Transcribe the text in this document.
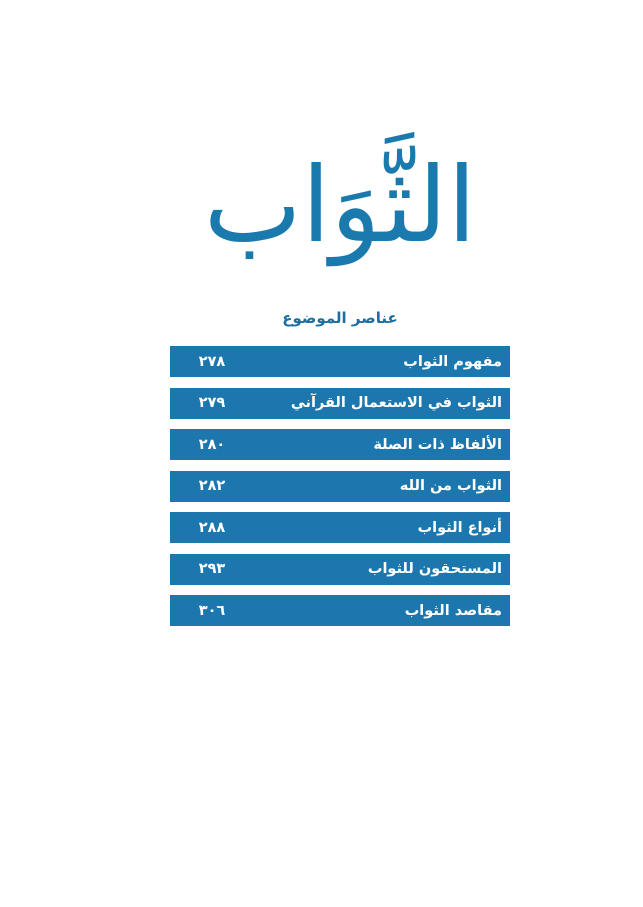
الثَّوَاب
عناصر الموضوع
مفهوم الثواب
٢٧٨
الثواب في الاستعمال القرآني
٢٧٩
الألفاظ ذات الصلة
٢٨٠
الثواب من الله
٢٨٢
أنواع الثواب
٢٨٨
المستحقون للثواب
٢٩٣
مقاصد الثواب
٣٠٦
